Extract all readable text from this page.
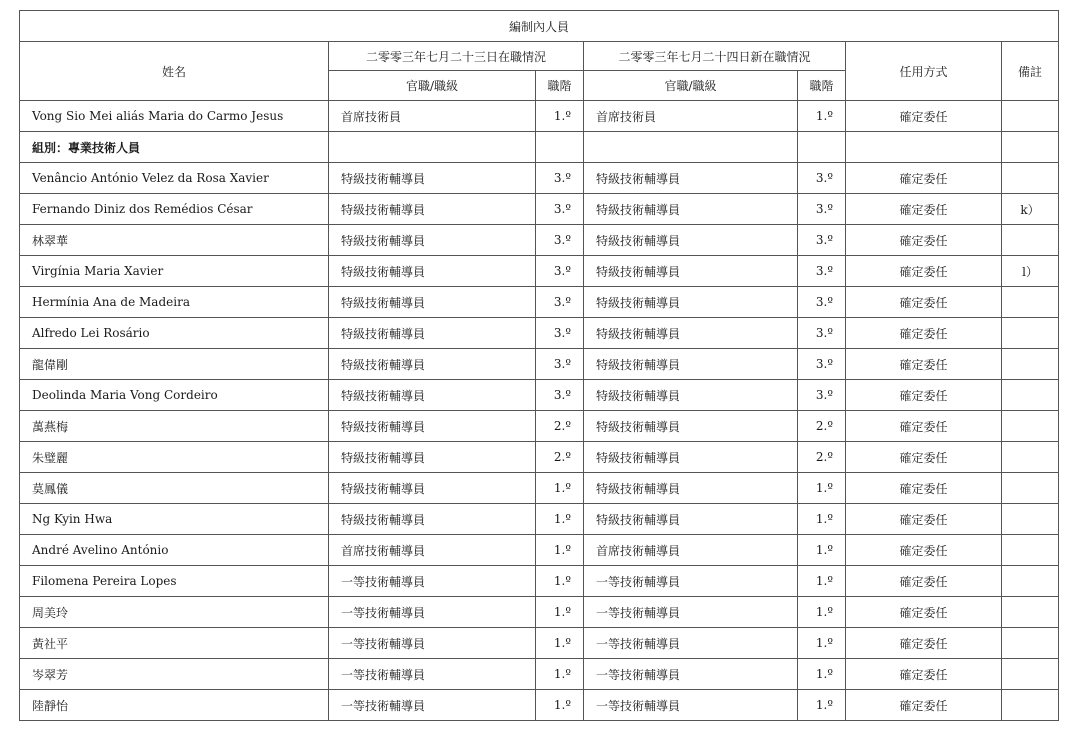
編制內人員						
姓名	二零零三年七月二十三日在職情況		二零零三年七月二十四日新在職情況		任用方式	備註
	官職/職級	職階	官職/職級	職階		
Vong Sio Mei aliás Maria do Carmo Jesus	首席技術員	1.º	首席技術員	1.º	確定委任	
組別：專業技術人員						
Venâncio António Velez da Rosa Xavier	特級技術輔導員	3.º	特級技術輔導員	3.º	確定委任	
Fernando Diniz dos Remédios César	特級技術輔導員	3.º	特級技術輔導員	3.º	確定委任	k）
林翠華	特級技術輔導員	3.º	特級技術輔導員	3.º	確定委任	
Virgínia Maria Xavier	特級技術輔導員	3.º	特級技術輔導員	3.º	確定委任	l）
Hermínia Ana de Madeira	特級技術輔導員	3.º	特級技術輔導員	3.º	確定委任	
Alfredo Lei Rosário	特級技術輔導員	3.º	特級技術輔導員	3.º	確定委任	
龍偉剛	特級技術輔導員	3.º	特級技術輔導員	3.º	確定委任	
Deolinda Maria Vong Cordeiro	特級技術輔導員	3.º	特級技術輔導員	3.º	確定委任	
萬燕梅	特級技術輔導員	2.º	特級技術輔導員	2.º	確定委任	
朱璧麗	特級技術輔導員	2.º	特級技術輔導員	2.º	確定委任	
莫鳳儀	特級技術輔導員	1.º	特級技術輔導員	1.º	確定委任	
Ng Kyin Hwa	特級技術輔導員	1.º	特級技術輔導員	1.º	確定委任	
André Avelino António	首席技術輔導員	1.º	首席技術輔導員	1.º	確定委任	
Filomena Pereira Lopes	一等技術輔導員	1.º	一等技術輔導員	1.º	確定委任	
周美玲	一等技術輔導員	1.º	一等技術輔導員	1.º	確定委任	
黃社平	一等技術輔導員	1.º	一等技術輔導員	1.º	確定委任	
岑翠芳	一等技術輔導員	1.º	一等技術輔導員	1.º	確定委任	
陸靜怡	一等技術輔導員	1.º	一等技術輔導員	1.º	確定委任	
